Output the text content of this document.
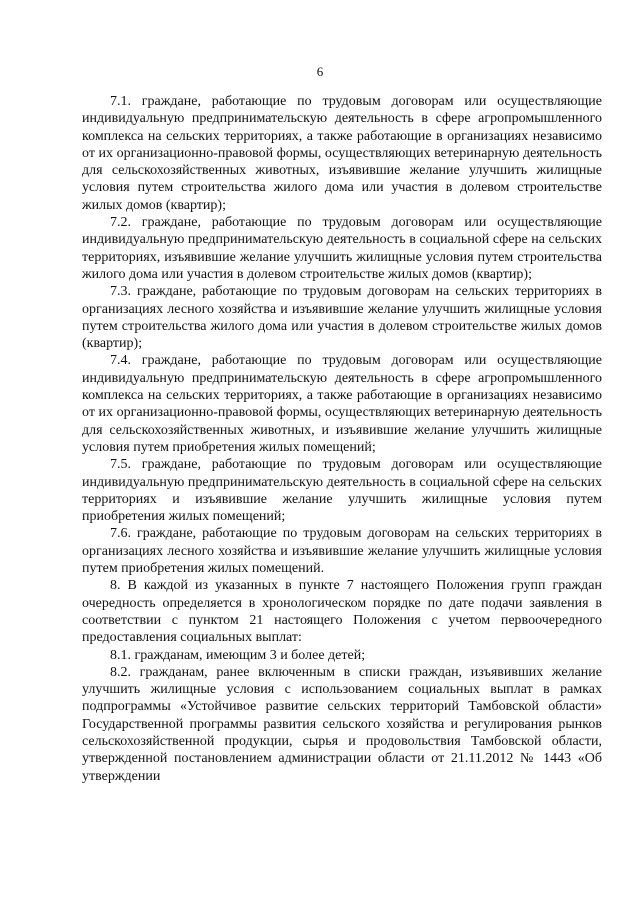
6

7.1. граждане, работающие по трудовым договорам или осуществляющие индивидуальную предпринимательскую деятельность в сфере агропромышленного комплекса на сельских территориях, а также работающие в организациях независимо от их организационно-правовой формы, осуществляющих ветеринарную деятельность для сельскохозяйственных животных, изъявившие желание улучшить жилищные условия путем строительства жилого дома или участия в долевом строительстве жилых домов (квартир);

7.2. граждане, работающие по трудовым договорам или осуществляющие индивидуальную предпринимательскую деятельность в социальной сфере на сельских территориях, изъявившие желание улучшить жилищные условия путем строительства жилого дома или участия в долевом строительстве жилых домов (квартир);

7.3. граждане, работающие по трудовым договорам на сельских территориях в организациях лесного хозяйства и изъявившие желание улучшить жилищные условия путем строительства жилого дома или участия в долевом строительстве жилых домов (квартир);

7.4. граждане, работающие по трудовым договорам или осуществляющие индивидуальную предпринимательскую деятельность в сфере агропромышленного комплекса на сельских территориях, а также работающие в организациях независимо от их организационно-правовой формы, осуществляющих ветеринарную деятельность для сельскохозяйственных животных, и изъявившие желание улучшить жилищные условия путем приобретения жилых помещений;

7.5. граждане, работающие по трудовым договорам или осуществляющие индивидуальную предпринимательскую деятельность в социальной сфере на сельских территориях и изъявившие желание улучшить жилищные условия путем приобретения жилых помещений;

7.6. граждане, работающие по трудовым договорам на сельских территориях в организациях лесного хозяйства и изъявившие желание улучшить жилищные условия путем приобретения жилых помещений.

8. В каждой из указанных в пункте 7 настоящего Положения групп граждан очередность определяется в хронологическом порядке по дате подачи заявления в соответствии с пунктом 21 настоящего Положения с учетом первоочередного предоставления социальных выплат:

8.1. гражданам, имеющим 3 и более детей;

8.2. гражданам, ранее включенным в списки граждан, изъявивших желание улучшить жилищные условия с использованием социальных выплат в рамках подпрограммы «Устойчивое развитие сельских территорий Тамбовской области» Государственной программы развития сельского хозяйства и регулирования рынков сельскохозяйственной продукции, сырья и продовольствия Тамбовской области, утвержденной постановлением администрации области от 21.11.2012 № 1443 «Об утверждении
